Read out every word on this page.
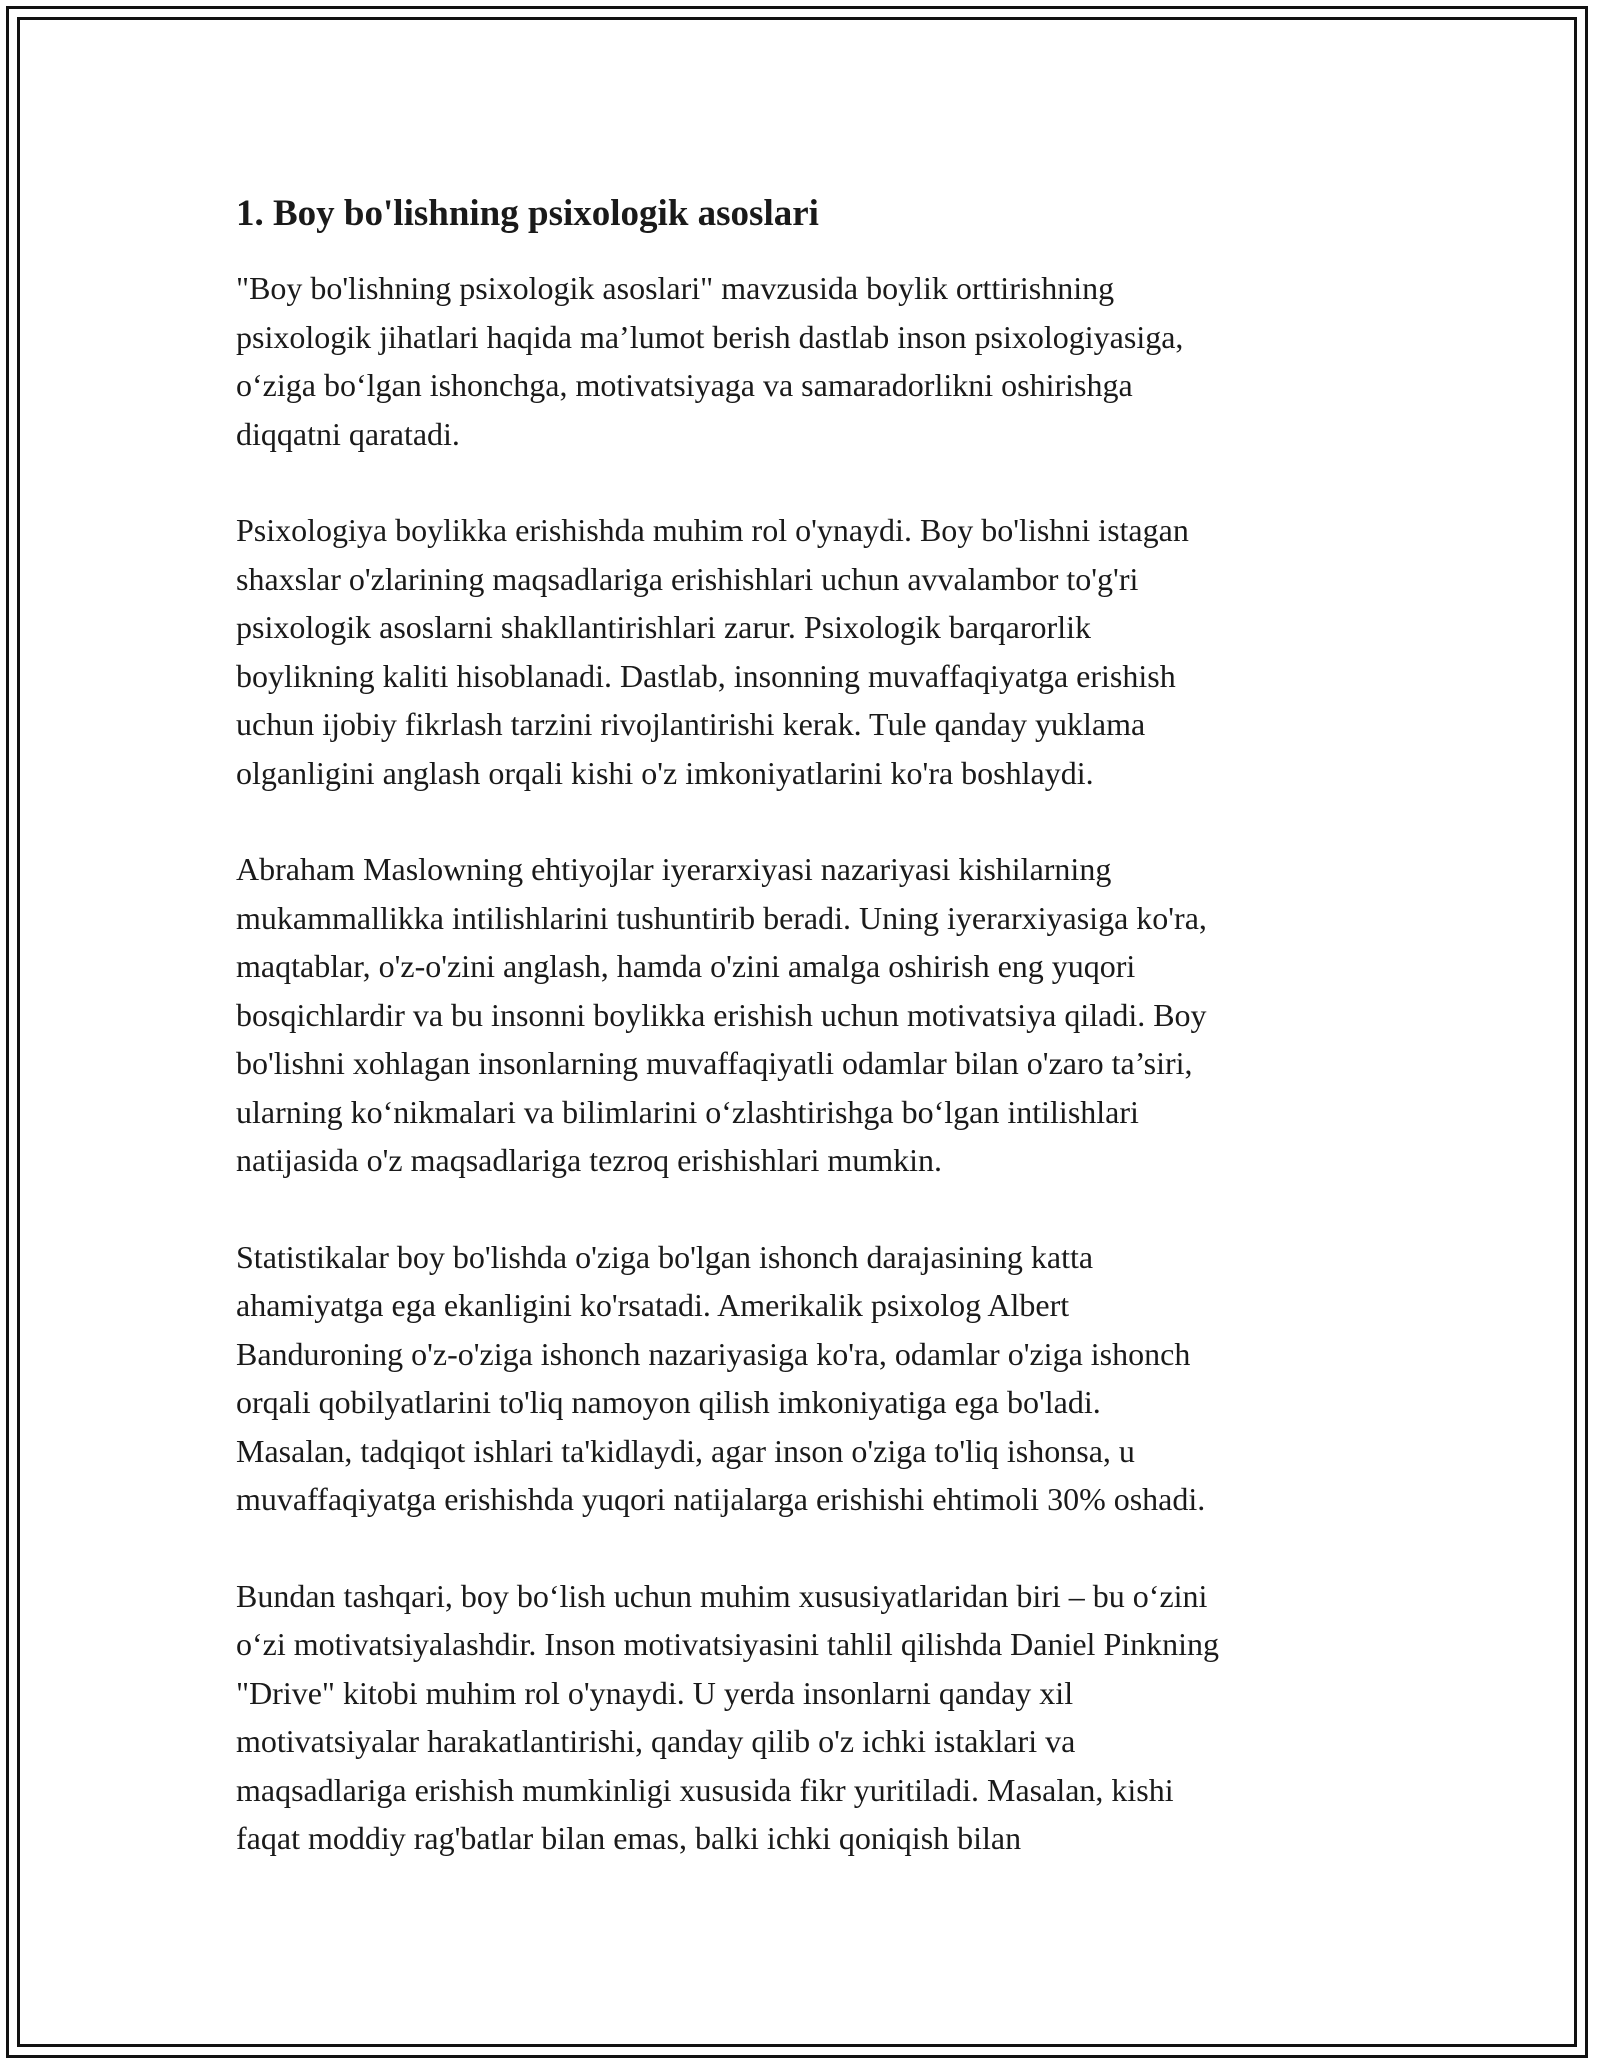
1. Boy bo'lishning psixologik asoslari

"Boy bo'lishning psixologik asoslari" mavzusida boylik orttirishning
psixologik jihatlari haqida ma’lumot berish dastlab inson psixologiyasiga,
o‘ziga bo‘lgan ishonchga, motivatsiyaga va samaradorlikni oshirishga
diqqatni qaratadi.

Psixologiya boylikka erishishda muhim rol o'ynaydi. Boy bo'lishni istagan
shaxslar o'zlarining maqsadlariga erishishlari uchun avvalambor to'g'ri
psixologik asoslarni shakllantirishlari zarur. Psixologik barqarorlik
boylikning kaliti hisoblanadi. Dastlab, insonning muvaffaqiyatga erishish
uchun ijobiy fikrlash tarzini rivojlantirishi kerak. Tule qanday yuklama
olganligini anglash orqali kishi o'z imkoniyatlarini ko'ra boshlaydi.

Abraham Maslowning ehtiyojlar iyerarxiyasi nazariyasi kishilarning
mukammallikka intilishlarini tushuntirib beradi. Uning iyerarxiyasiga ko'ra,
maqtablar, o'z-o'zini anglash, hamda o'zini amalga oshirish eng yuqori
bosqichlardir va bu insonni boylikka erishish uchun motivatsiya qiladi. Boy
bo'lishni xohlagan insonlarning muvaffaqiyatli odamlar bilan o'zaro ta’siri,
ularning ko‘nikmalari va bilimlarini o‘zlashtirishga bo‘lgan intilishlari
natijasida o'z maqsadlariga tezroq erishishlari mumkin.

Statistikalar boy bo'lishda o'ziga bo'lgan ishonch darajasining katta
ahamiyatga ega ekanligini ko'rsatadi. Amerikalik psixolog Albert
Banduroning o'z-o'ziga ishonch nazariyasiga ko'ra, odamlar o'ziga ishonch
orqali qobilyatlarini to'liq namoyon qilish imkoniyatiga ega bo'ladi.
Masalan, tadqiqot ishlari ta'kidlaydi, agar inson o'ziga to'liq ishonsa, u
muvaffaqiyatga erishishda yuqori natijalarga erishishi ehtimoli 30% oshadi.

Bundan tashqari, boy bo‘lish uchun muhim xususiyatlaridan biri – bu o‘zini
o‘zi motivatsiyalashdir. Inson motivatsiyasini tahlil qilishda Daniel Pinkning
"Drive" kitobi muhim rol o'ynaydi. U yerda insonlarni qanday xil
motivatsiyalar harakatlantirishi, qanday qilib o'z ichki istaklari va
maqsadlariga erishish mumkinligi xususida fikr yuritiladi. Masalan, kishi
faqat moddiy rag'batlar bilan emas, balki ichki qoniqish bilan
